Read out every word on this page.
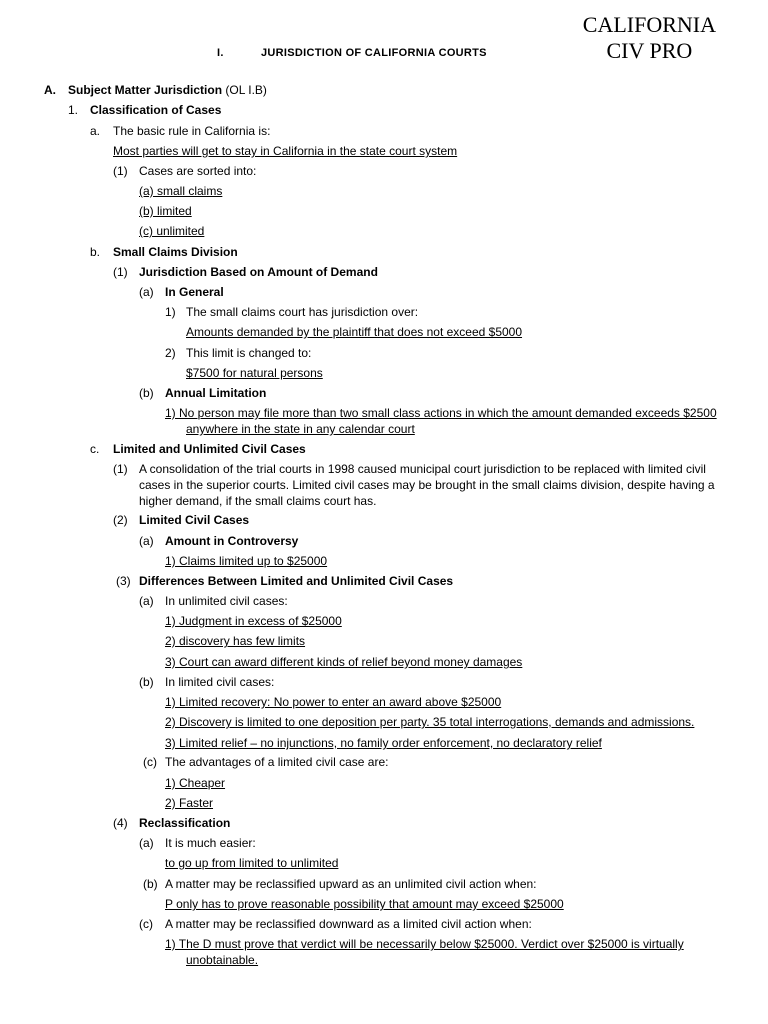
CALIFORNIA
CIV PRO
I.	JURISDICTION OF CALIFORNIA COURTS
A. Subject Matter Jurisdiction (OL I.B)
1. Classification of Cases
a. The basic rule in California is:
Most parties will get to stay in California in the state court system
(1) Cases are sorted into:
(a) small claims
(b) limited
(c) unlimited
b. Small Claims Division
(1) Jurisdiction Based on Amount of Demand
(a) In General
1) The small claims court has jurisdiction over:
Amounts demanded by the plaintiff that does not exceed $5000
2) This limit is changed to:
$7500 for natural persons
(b) Annual Limitation
1) No person may file more than two small class actions in which the amount demanded exceeds $2500
anywhere in the state in any calendar court
c. Limited and Unlimited Civil Cases
(1) A consolidation of the trial courts in 1998 caused municipal court jurisdiction to be replaced with limited civil
cases in the superior courts. Limited civil cases may be brought in the small claims division, despite having a
higher demand, if the small claims court has.
(2) Limited Civil Cases
(a) Amount in Controversy
1) Claims limited up to $25000
(3) Differences Between Limited and Unlimited Civil Cases
(a) In unlimited civil cases:
1) Judgment in excess of $25000
2) discovery has few limits
3) Court can award different kinds of relief beyond money damages
(b) In limited civil cases:
1) Limited recovery: No power to enter an award above $25000
2) Discovery is limited to one deposition per party. 35 total interrogations, demands and admissions.
3) Limited relief – no injunctions, no family order enforcement, no declaratory relief
(c) The advantages of a limited civil case are:
1) Cheaper
2) Faster
(4) Reclassification
(a) It is much easier:
to go up from limited to unlimited
(b) A matter may be reclassified upward as an unlimited civil action when:
P only has to prove reasonable possibility that amount may exceed $25000
(c) A matter may be reclassified downward as a limited civil action when:
1) The D must prove that verdict will be necessarily below $25000. Verdict over $25000 is virtually
unobtainable.
